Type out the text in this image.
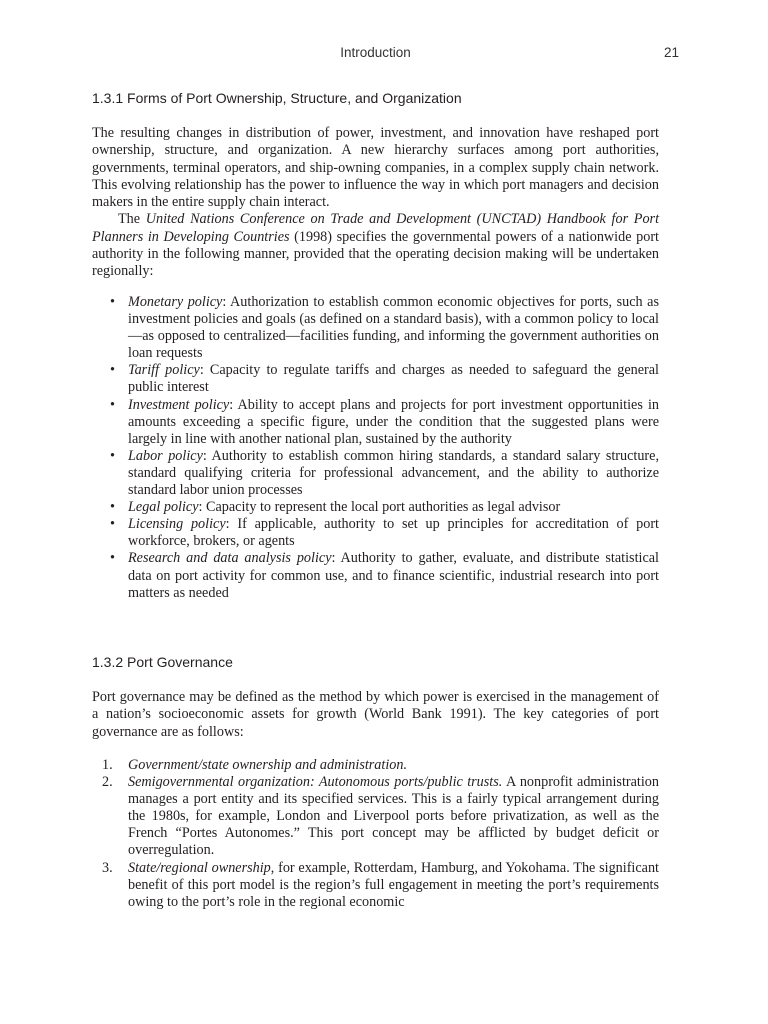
Introduction	21
1.3.1 Forms of Port Ownership, Structure, and Organization

The resulting changes in distribution of power, investment, and innovation have reshaped port ownership, structure, and organization. A new hierarchy surfaces among port authorities, governments, terminal operators, and ship-owning companies, in a complex supply chain network. This evolving relationship has the power to influence the way in which port managers and decision makers in the entire supply chain interact.

The United Nations Conference on Trade and Development (UNCTAD) Handbook for Port Planners in Developing Countries (1998) specifies the governmental powers of a nationwide port authority in the following manner, provided that the operating decision making will be undertaken regionally:

• Monetary policy: Authorization to establish common economic objectives for ports, such as investment policies and goals (as defined on a standard basis), with a common policy to local—as opposed to centralized—facilities funding, and informing the government authorities on loan requests
• Tariff policy: Capacity to regulate tariffs and charges as needed to safeguard the general public interest
• Investment policy: Ability to accept plans and projects for port investment opportunities in amounts exceeding a specific figure, under the condition that the suggested plans were largely in line with another national plan, sustained by the authority
• Labor policy: Authority to establish common hiring standards, a standard salary structure, standard qualifying criteria for professional advancement, and the ability to authorize standard labor union processes
• Legal policy: Capacity to represent the local port authorities as legal advisor
• Licensing policy: If applicable, authority to set up principles for accreditation of port workforce, brokers, or agents
• Research and data analysis policy: Authority to gather, evaluate, and distribute statistical data on port activity for common use, and to finance scientific, industrial research into port matters as needed
1.3.2 Port Governance

Port governance may be defined as the method by which power is exercised in the management of a nation’s socioeconomic assets for growth (World Bank 1991). The key categories of port governance are as follows:

1. Government/state ownership and administration.
2. Semigovernmental organization: Autonomous ports/public trusts. A nonprofit administration manages a port entity and its specified services. This is a fairly typical arrangement during the 1980s, for example, London and Liverpool ports before privatization, as well as the French “Portes Autonomes.” This port concept may be afflicted by budget deficit or overregulation.
3. State/regional ownership, for example, Rotterdam, Hamburg, and Yokohama. The significant benefit of this port model is the region’s full engagement in meeting the port’s requirements owing to the port’s role in the regional economic
